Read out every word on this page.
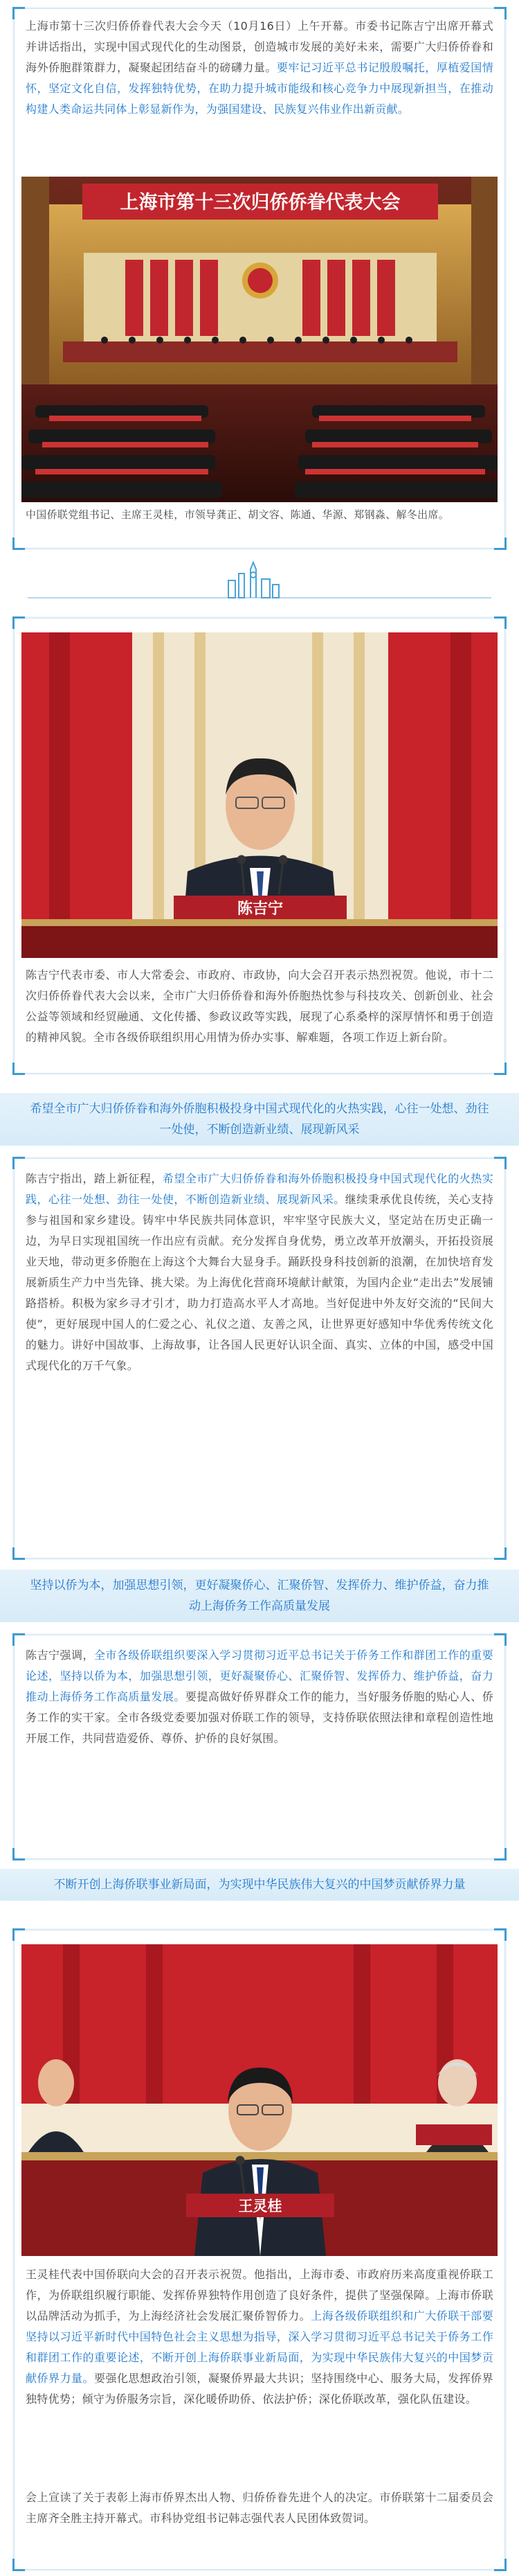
上海市第十三次归侨侨眷代表大会今天（10月16日）上午开幕。市委书记陈吉宁出席开幕式并讲话指出，实现中国式现代化的生动图景，创造城市发展的美好未来，需要广大归侨侨眷和海外侨胞群策群力，凝聚起团结奋斗的磅礴力量。要牢记习近平总书记殷殷嘱托，厚植爱国情怀，坚定文化自信，发挥独特优势，在助力提升城市能级和核心竞争力中展现新担当，在推动构建人类命运共同体上彰显新作为，为强国建设、民族复兴伟业作出新贡献。

上海市第十三次归侨侨眷代表大会

中国侨联党组书记、主席王灵桂，市领导龚正、胡文容、陈通、华源、郑钢淼、解冬出席。

陈吉宁

陈吉宁代表市委、市人大常委会、市政府、市政协，向大会召开表示热烈祝贺。他说，市十二次归侨侨眷代表大会以来，全市广大归侨侨眷和海外侨胞热忱参与科技攻关、创新创业、社会公益等领域和经贸融通、文化传播、参政议政等实践，展现了心系桑梓的深厚情怀和勇于创造的精神风貌。全市各级侨联组织用心用情为侨办实事、解难题，各项工作迈上新台阶。

希望全市广大归侨侨眷和海外侨胞积极投身中国式现代化的火热实践，心往一处想、劲往一处使，不断创造新业绩、展现新风采

陈吉宁指出，踏上新征程，希望全市广大归侨侨眷和海外侨胞积极投身中国式现代化的火热实践，心往一处想、劲往一处使，不断创造新业绩、展现新风采。继续秉承优良传统，关心支持参与祖国和家乡建设。铸牢中华民族共同体意识，牢牢坚守民族大义，坚定站在历史正确一边，为早日实现祖国统一作出应有贡献。充分发挥自身优势，勇立改革开放潮头，开拓投资展业天地，带动更多侨胞在上海这个大舞台大显身手。踊跃投身科技创新的浪潮，在加快培育发展新质生产力中当先锋、挑大梁。为上海优化营商环境献计献策，为国内企业“走出去”发展铺路搭桥。积极为家乡寻才引才，助力打造高水平人才高地。当好促进中外友好交流的“民间大使”，更好展现中国人的仁爱之心、礼仪之道、友善之风，让世界更好感知中华优秀传统文化的魅力。讲好中国故事、上海故事，让各国人民更好认识全面、真实、立体的中国，感受中国式现代化的万千气象。

坚持以侨为本，加强思想引领，更好凝聚侨心、汇聚侨智、发挥侨力、维护侨益，奋力推动上海侨务工作高质量发展

陈吉宁强调，全市各级侨联组织要深入学习贯彻习近平总书记关于侨务工作和群团工作的重要论述，坚持以侨为本，加强思想引领，更好凝聚侨心、汇聚侨智、发挥侨力、维护侨益，奋力推动上海侨务工作高质量发展。要提高做好侨界群众工作的能力，当好服务侨胞的贴心人、侨务工作的实干家。全市各级党委要加强对侨联工作的领导，支持侨联依照法律和章程创造性地开展工作，共同营造爱侨、尊侨、护侨的良好氛围。

不断开创上海侨联事业新局面，为实现中华民族伟大复兴的中国梦贡献侨界力量
王灵桂

王灵桂代表中国侨联向大会的召开表示祝贺。他指出，上海市委、市政府历来高度重视侨联工作，为侨联组织履行职能、发挥侨界独特作用创造了良好条件，提供了坚强保障。上海市侨联以品牌活动为抓手，为上海经济社会发展汇聚侨智侨力。上海各级侨联组织和广大侨联干部要坚持以习近平新时代中国特色社会主义思想为指导，深入学习贯彻习近平总书记关于侨务工作和群团工作的重要论述，不断开创上海侨联事业新局面，为实现中华民族伟大复兴的中国梦贡献侨界力量。要强化思想政治引领，凝聚侨界最大共识；坚持围绕中心、服务大局，发挥侨界独特优势；倾守为侨服务宗旨，深化暖侨助侨、依法护侨；深化侨联改革，强化队伍建设。

会上宣读了关于表彰上海市侨界杰出人物、归侨侨眷先进个人的决定。市侨联第十二届委员会主席齐全胜主持开幕式。市科协党组书记韩志强代表人民团体致贺词。
